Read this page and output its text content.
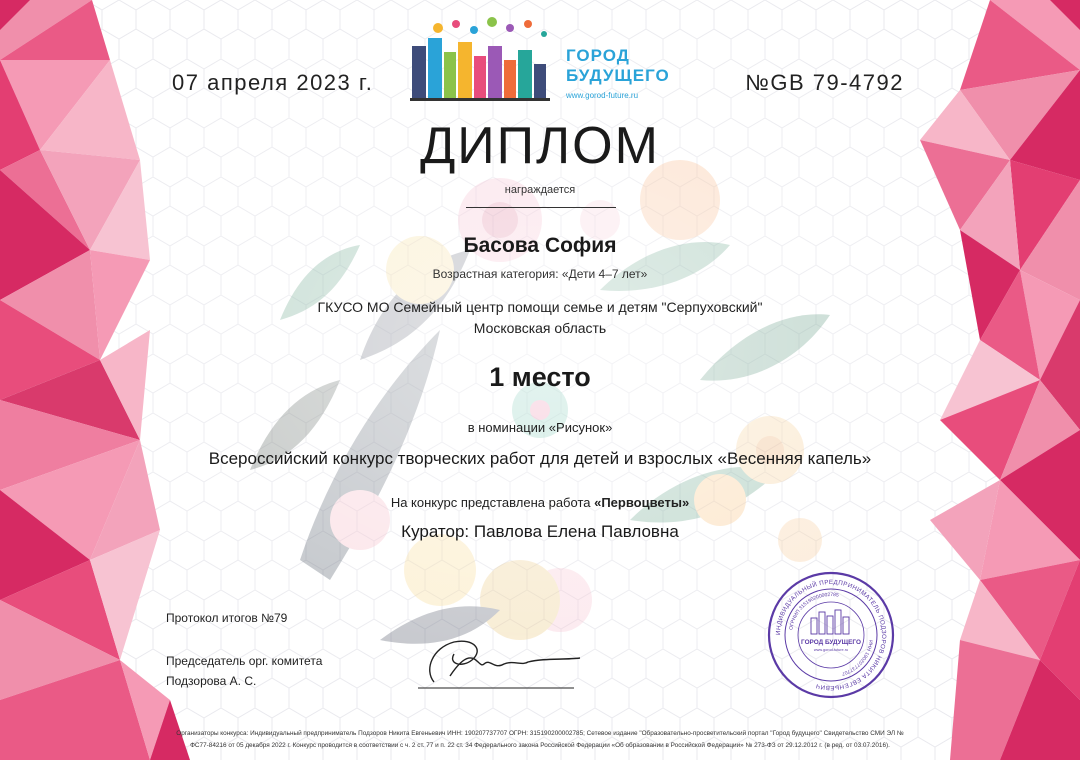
07 апреля 2023 г.	№GB 79-4792
ГОРОД
БУДУЩЕГО
www.gorod-future.ru
ДИПЛОМ
награждается
Басова София
Возрастная категория: «Дети 4–7 лет»
ГКУСО МО Семейный центр помощи семье и детям "Серпуховский"
Московская область
1 место
в номинации «Рисунок»
Всероссийский конкурс творческих работ для детей и взрослых «Весенняя капель»
На конкурс представлена работа «Первоцветы»
Куратор: Павлова Елена Павловна
Протокол итогов №79
Председатель орг. комитета
Подзорова А. С.
ИНДИВИДУАЛЬНЫЙ ПРЕДПРИНИМАТЕЛЬ ПОДЗОРОВ НИКИТА ЕВГЕНЬЕВИЧ
ОГРНИП 315190200002785
ИНН 190207737707
ГОРОД БУДУЩЕГО
www.gorod-future.ru
Организаторы конкурса: Индивидуальный предприниматель Подзоров Никита Евгеньевич ИНН: 190207737707 ОГРН: 315190200002785; Сетевое издание "Образовательно-просветительский портал "Город будущего" Свидетельство СМИ ЭЛ №
ФС77-84216 от 05 декабря 2022 г. Конкурс проводится в соответствии с ч. 2 ст. 77 и п. 22 ст. 34 Федерального закона Российской Федерации «Об образовании в Российской Федерации» № 273-ФЗ от 29.12.2012 г. (в ред. от 03.07.2016).
